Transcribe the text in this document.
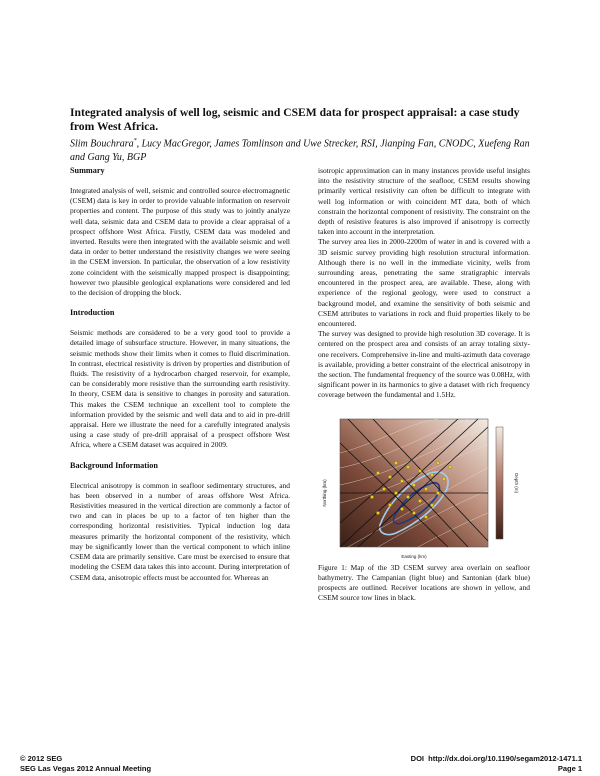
Integrated analysis of well log, seismic and CSEM data for prospect appraisal: a case study from West Africa.
Slim Bouchrara*, Lucy MacGregor, James Tomlinson and Uwe Strecker, RSI, Jianping Fan, CNODC, Xuefeng Ran and Gang Yu, BGP
Summary

Integrated analysis of well, seismic and controlled source electromagnetic (CSEM) data is key in order to provide valuable information on reservoir properties and content. The purpose of this study was to jointly analyze well data, seismic data and CSEM data to provide a clear appraisal of a prospect offshore West Africa. Firstly, CSEM data was modeled and inverted. Results were then integrated with the available seismic and well data in order to better understand the resistivity changes we were seeing in the CSEM inversion. In particular, the observation of a low resistivity zone coincident with the seismically mapped prospect is disappointing; however two plausible geological explanations were considered and led to the decision of dropping the block.

Introduction

Seismic methods are considered to be a very good tool to provide a detailed image of subsurface structure. However, in many situations, the seismic methods show their limits when it comes to fluid discrimination. In contrast, electrical resistivity is driven by properties and distribution of fluids. The resistivity of a hydrocarbon charged reservoir, for example, can be considerably more resistive than the surrounding earth resistivity. In theory, CSEM data is sensitive to changes in porosity and saturation. This makes the CSEM technique an excellent tool to complete the information provided by the seismic and well data and to aid in pre-drill appraisal. Here we illustrate the need for a carefully integrated analysis using a case study of pre-drill appraisal of a prospect offshore West Africa, where a CSEM dataset was acquired in 2009.

Background Information

Electrical anisotropy is common in seafloor sedimentary structures, and has been observed in a number of areas offshore West Africa. Resistivities measured in the vertical direction are commonly a factor of two and can in places be up to a factor of ten higher than the corresponding horizontal resistivities. Typical induction log data measures primarily the horizontal component of the resistivity, which may be significantly lower than the vertical component to which inline CSEM data are primarily sensitive. Care must be exercised to ensure that modeling the CSEM data takes this into account. During interpretation of CSEM data, anisotropic effects must be accounted for. Whereas an

isotropic approximation can in many instances provide useful insights into the resistivity structure of the seafloor, CSEM results showing primarily vertical resistivity can often be difficult to integrate with well log information or with coincident MT data, both of which constrain the horizontal component of resistivity. The constraint on the depth of resistive features is also improved if anisotropy is correctly taken into account in the interpretation.

The survey area lies in 2000-2200m of water in and is covered with a 3D seismic survey providing high resolution structural information. Although there is no well in the immediate vicinity, wells from surrounding areas, penetrating the same stratigraphic intervals encountered in the prospect area, are available. These, along with experience of the regional geology, were used to construct a background model, and examine the sensitivity of both seismic and CSEM attributes to variations in rock and fluid properties likely to be encountered.

The survey was designed to provide high resolution 3D coverage. It is centered on the prospect area and consists of an array totaling sixty-one receivers. Comprehensive in-line and multi-azimuth data coverage is available, providing a better constraint of the electrical anisotropy in the section. The fundamental frequency of the source was 0.08Hz, with significant power in its harmonics to give a dataset with rich frequency coverage between the fundamental and 1.5Hz.

Northing (km)
Easting (km)
Depth (m)

Figure 1: Map of the 3D CSEM survey area overlain on seafloor bathymetry. The Campanian (light blue) and Santonian (dark blue) prospects are outlined. Receiver locations are shown in yellow, and CSEM source tow lines in black.

© 2012 SEG
SEG Las Vegas 2012 Annual Meeting
DOI http://dx.doi.org/10.1190/segam2012-1471.1
Page 1
